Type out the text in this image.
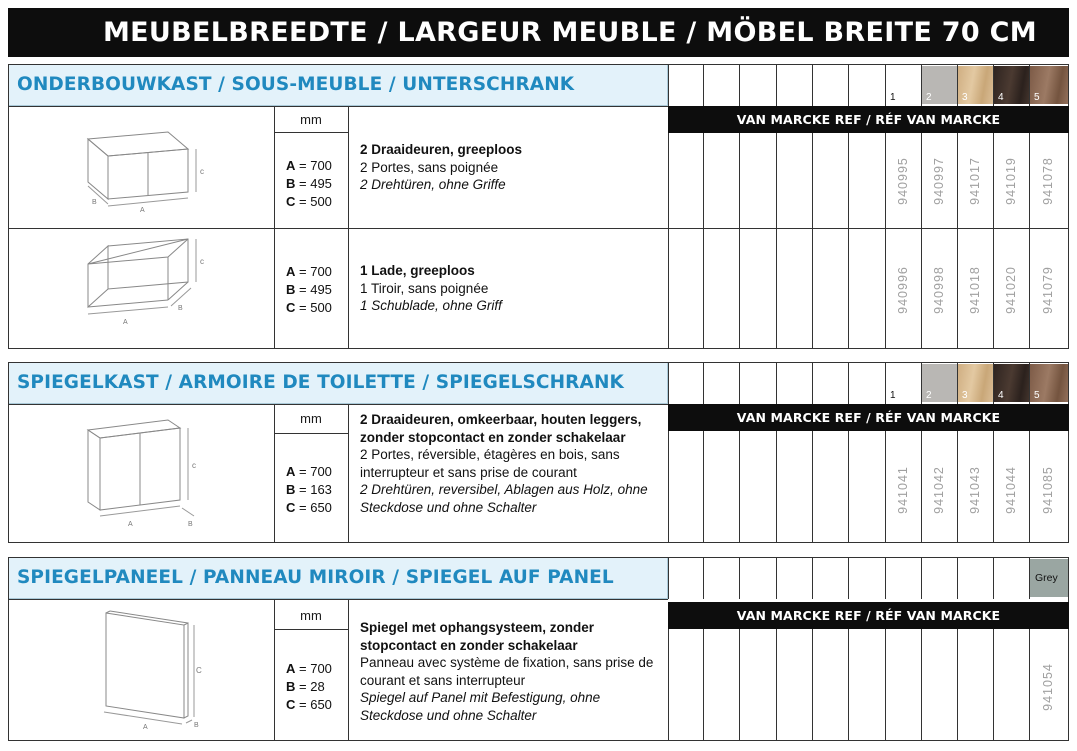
MEUBELBREEDTE / LARGEUR MEUBLE / MÖBEL BREITE 70 CM
ONDERBOUWKAST / SOUS-MEUBLE / UNTERSCHRANK
1	2	3	4	5
VAN MARCKE REF / RÉF VAN MARCKE
mm
c
A
B
A = 700
B = 495
C = 500
2 Draaideuren, greeploos
2 Portes, sans poignée
2 Drehtüren, ohne Griffe	940995 940997 941017 941019 941078
c
A
B
A = 700
B = 495
C = 500
1 Lade, greeploos
1 Tiroir, sans poignée
1 Schublade, ohne Griff	940996 940998 941018 941020 941079
SPIEGELKAST / ARMOIRE DE TOILETTE / SPIEGELSCHRANK
1	2	3	4	5
VAN MARCKE REF / RÉF VAN MARCKE
mm
c
A	B
A = 700
B = 163
C = 650
2 Draaideuren, omkeerbaar, houten leggers, zonder stopcontact en zonder schakelaar
2 Portes, réversible, étagères en bois, sans interrupteur et sans prise de courant
2 Drehtüren, reversibel, Ablagen aus Holz, ohne Steckdose und ohne Schalter	941041 941042 941043 941044 941085
SPIEGELPANEEL / PANNEAU MIROIR / SPIEGEL AUF PANEL	Grey
VAN MARCKE REF / RÉF VAN MARCKE
mm
C
A	B
A = 700
B = 28
C = 650
Spiegel met ophangsysteem, zonder stopcontact en zonder schakelaar
Panneau avec système de fixation, sans prise de courant et sans interrupteur
Spiegel auf Panel mit Befestigung, ohne Steckdose und ohne Schalter
941054
